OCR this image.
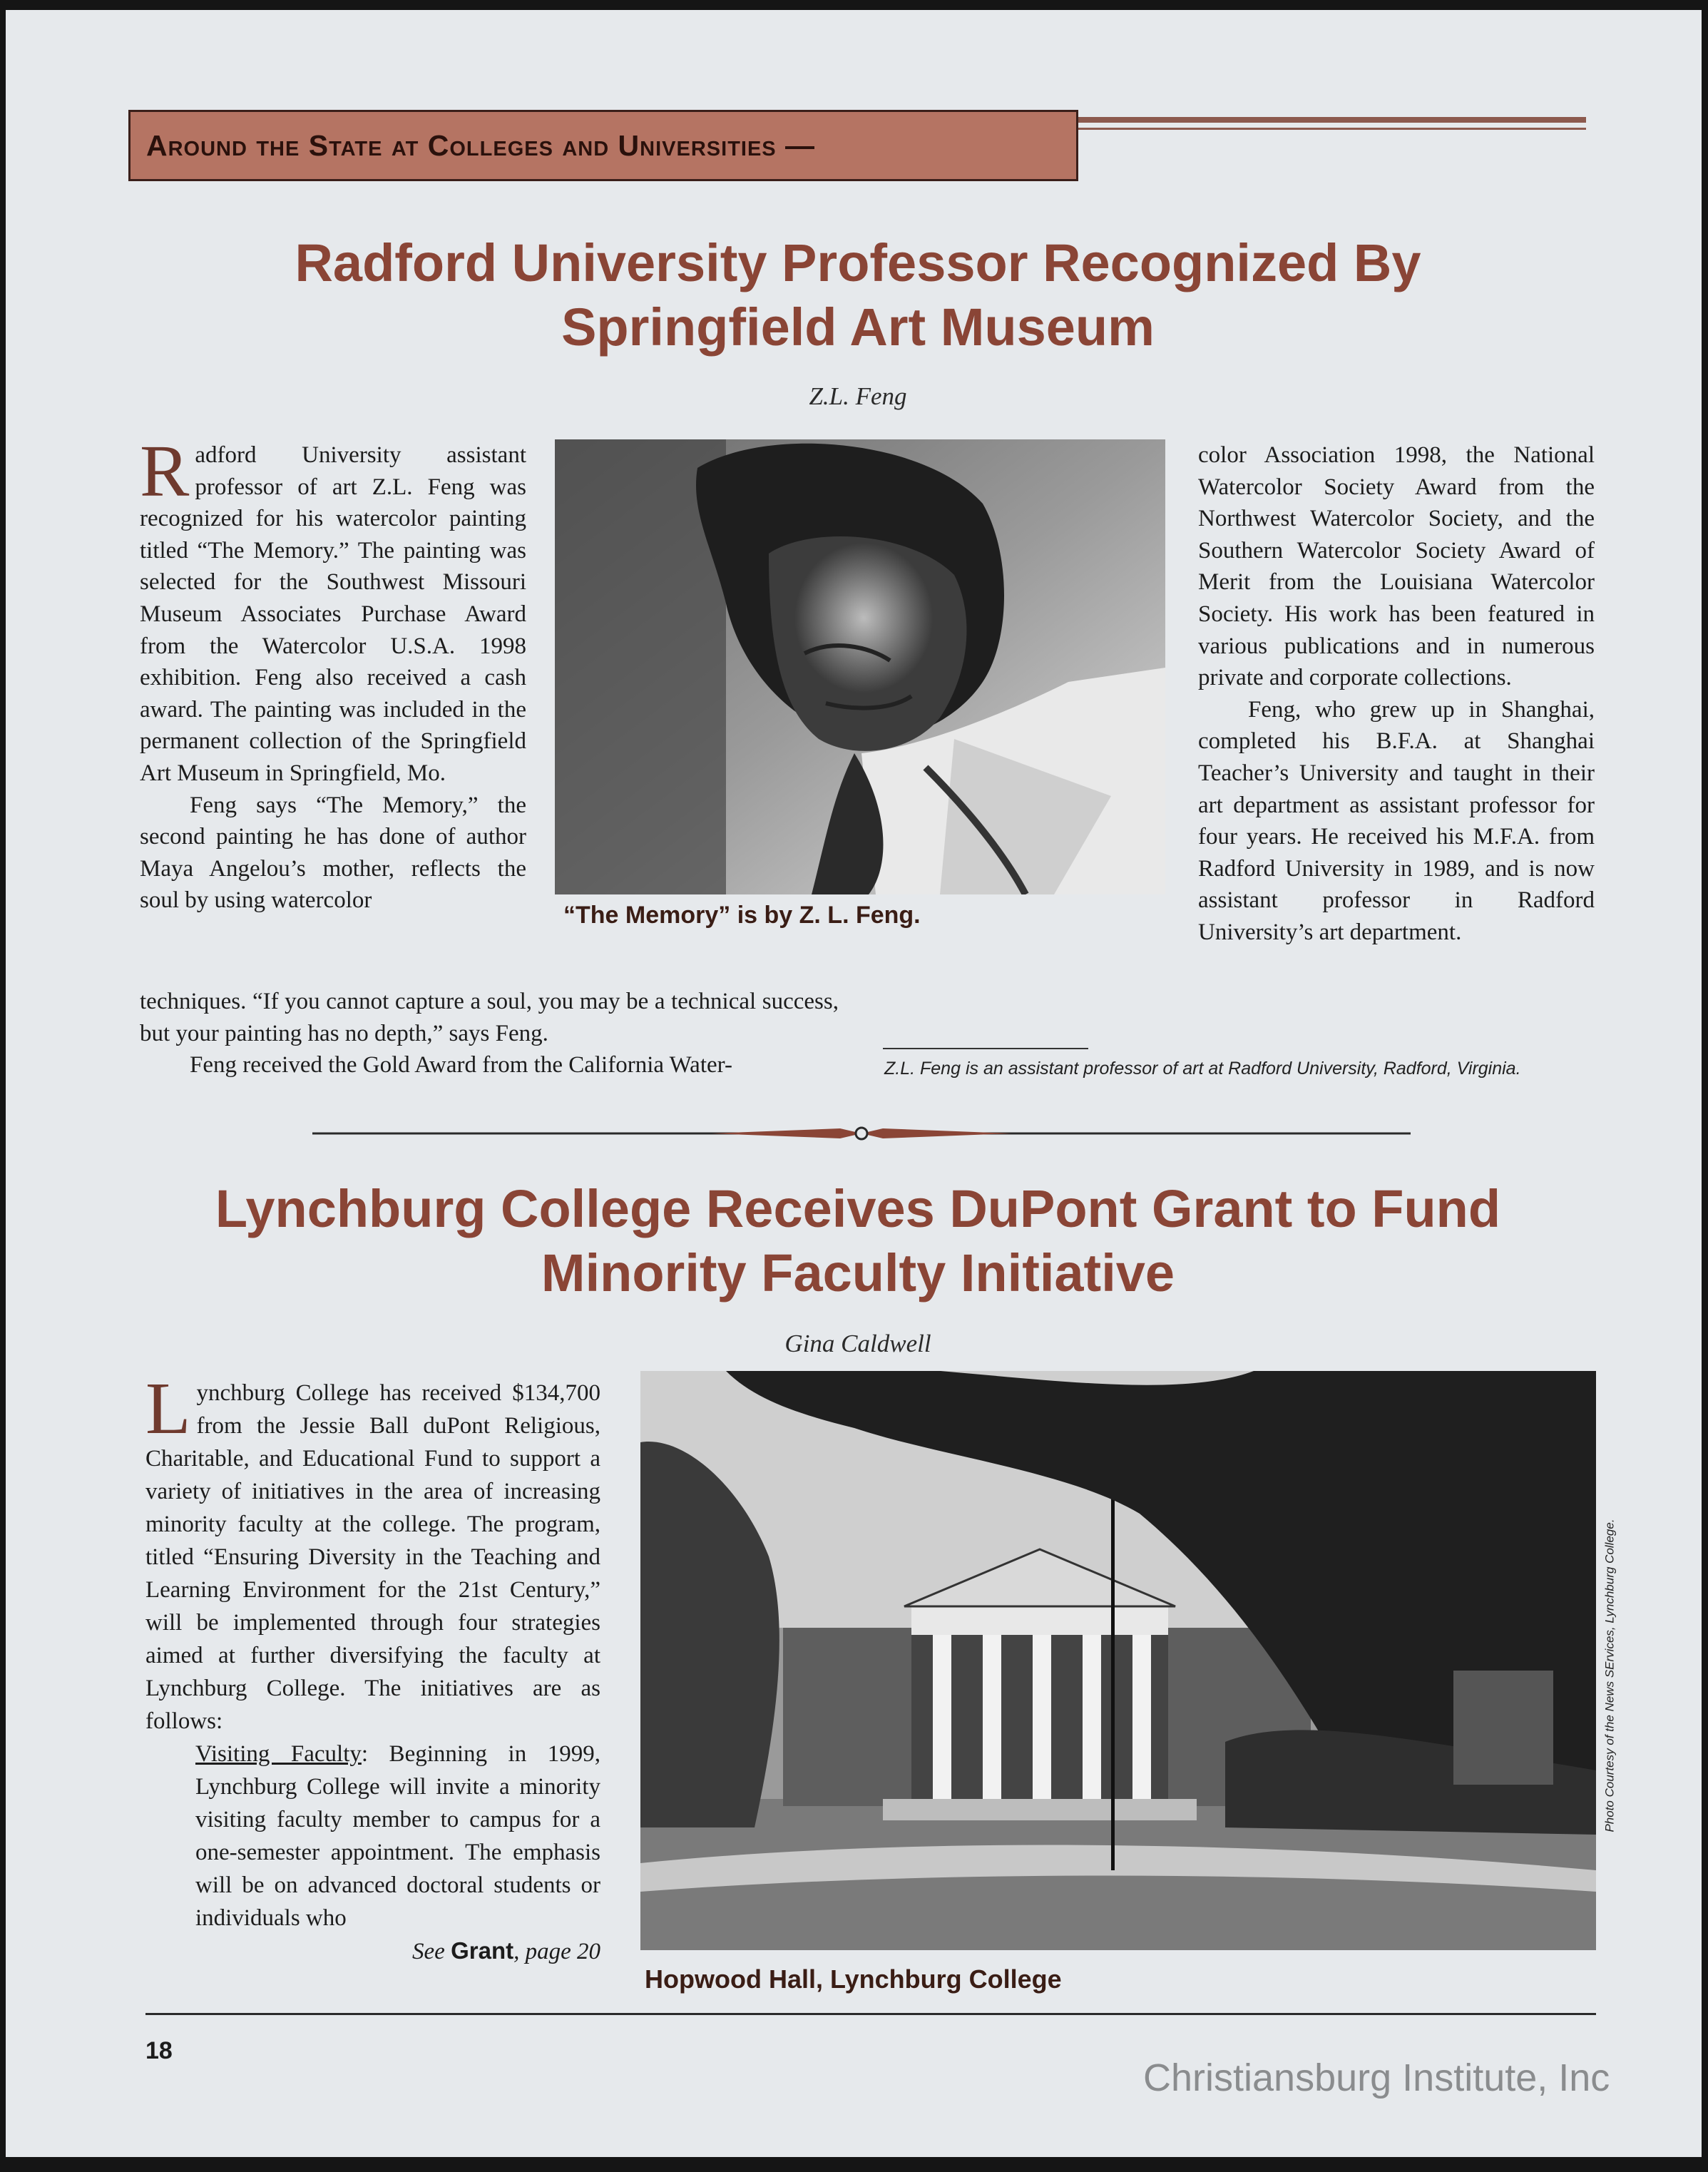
Around the State at Colleges and Universities —
Radford University Professor Recognized By
Springfield Art Museum
Z.L. Feng

Radford University assistant professor of art Z.L. Feng was recognized for his watercolor painting titled “The Memory.” The painting was selected for the Southwest Missouri Museum Associates Purchase Award from the Watercolor U.S.A. 1998 exhibition. Feng also received a cash award. The painting was included in the permanent collection of the Springfield Art Museum in Springfield, Mo.

Feng says “The Memory,” the second painting he has done of author Maya Angelou’s mother, reflects the soul by using watercolor

“The Memory” is by Z. L. Feng.

techniques. “If you cannot capture a soul, you may be a technical success, but your painting has no depth,” says Feng.

Feng received the Gold Award from the California Water-

color Association 1998, the National Watercolor Society Award from the Northwest Watercolor Society, and the Southern Watercolor Society Award of Merit from the Louisiana Watercolor Society. His work has been featured in various publications and in numerous private and corporate collections.

Feng, who grew up in Shanghai, completed his B.F.A. at Shanghai Teacher’s University and taught in their art department as assistant professor for four years. He received his M.F.A. from Radford University in 1989, and is now assistant professor in Radford University’s art department.

Z.L. Feng is an assistant professor of art at Radford University, Radford, Virginia.
Lynchburg College Receives DuPont Grant to Fund
Minority Faculty Initiative
Gina Caldwell

Lynchburg College has received $134,700 from the Jessie Ball duPont Religious, Charitable, and Educational Fund to support a variety of initiatives in the area of increasing minority faculty at the college. The program, titled “Ensuring Diversity in the Teaching and Learning Environment for the 21st Century,” will be implemented through four strategies aimed at further diversifying the faculty at Lynchburg College. The initiatives are as follows:

Visiting Faculty: Beginning in 1999, Lynchburg College will invite a minority visiting faculty member to campus for a one-semester appointment. The emphasis will be on advanced doctoral students or individuals who

See Grant, page 20

Photo Courtesy of the News SErvices, Lynchburg College.
Hopwood Hall, Lynchburg College
18
Christiansburg Institute, Inc
